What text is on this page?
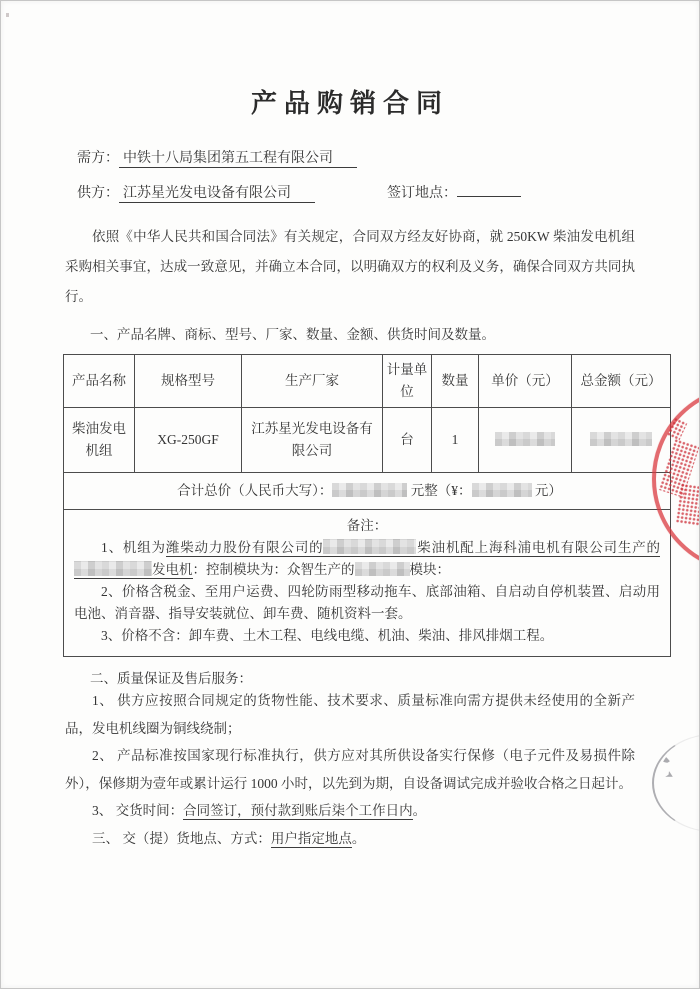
产品购销合同
需方： 中铁十八局集团第五工程有限公司
供方： 江苏星光发电设备有限公司	签订地点：

依照《中华人民共和国合同法》有关规定，合同双方经友好协商，就 250KW 柴油发电机组采购相关事宜，达成一致意见，并确立本合同，以明确双方的权利及义务，确保合同双方共同执行。

一、产品名牌、商标、型号、厂家、数量、金额、供货时间及数量。
产品名称	规格型号	生产厂家	计量单位	数量	单价（元）	总金额（元）
柴油发电机组	XG-250GF	江苏星光发电设备有限公司	台	1		
合计总价（人民币大写）： 元整（¥： 元）						

备注：

1、机组为潍柴动力股份有限公司的 柴油机配上海科浦电机有限公司生产的发电机：控制模块为：众智生产的 模块：

2、价格含税金、至用户运费、四轮防雨型移动拖车、底部油箱、自启动自停机装置、启动用电池、消音器、指导安装就位、卸车费、随机资料一套。

3、价格不含：卸车费、土木工程、电线电缆、机油、柴油、排风排烟工程。						

二、质量保证及售后服务：

1、 供方应按照合同规定的货物性能、技术要求、质量标准向需方提供未经使用的全新产品，发电机线圈为铜线绕制；

2、 产品标准按国家现行标准执行，供方应对其所供设备实行保修（电子元件及易损件除外），保修期为壹年或累计运行 1000 小时，以先到为期，自设备调试完成并验收合格之日起计。

3、 交货时间：合同签订，预付款到账后柒个工作日内。

三、 交（提）货地点、方式：用户指定地点。
